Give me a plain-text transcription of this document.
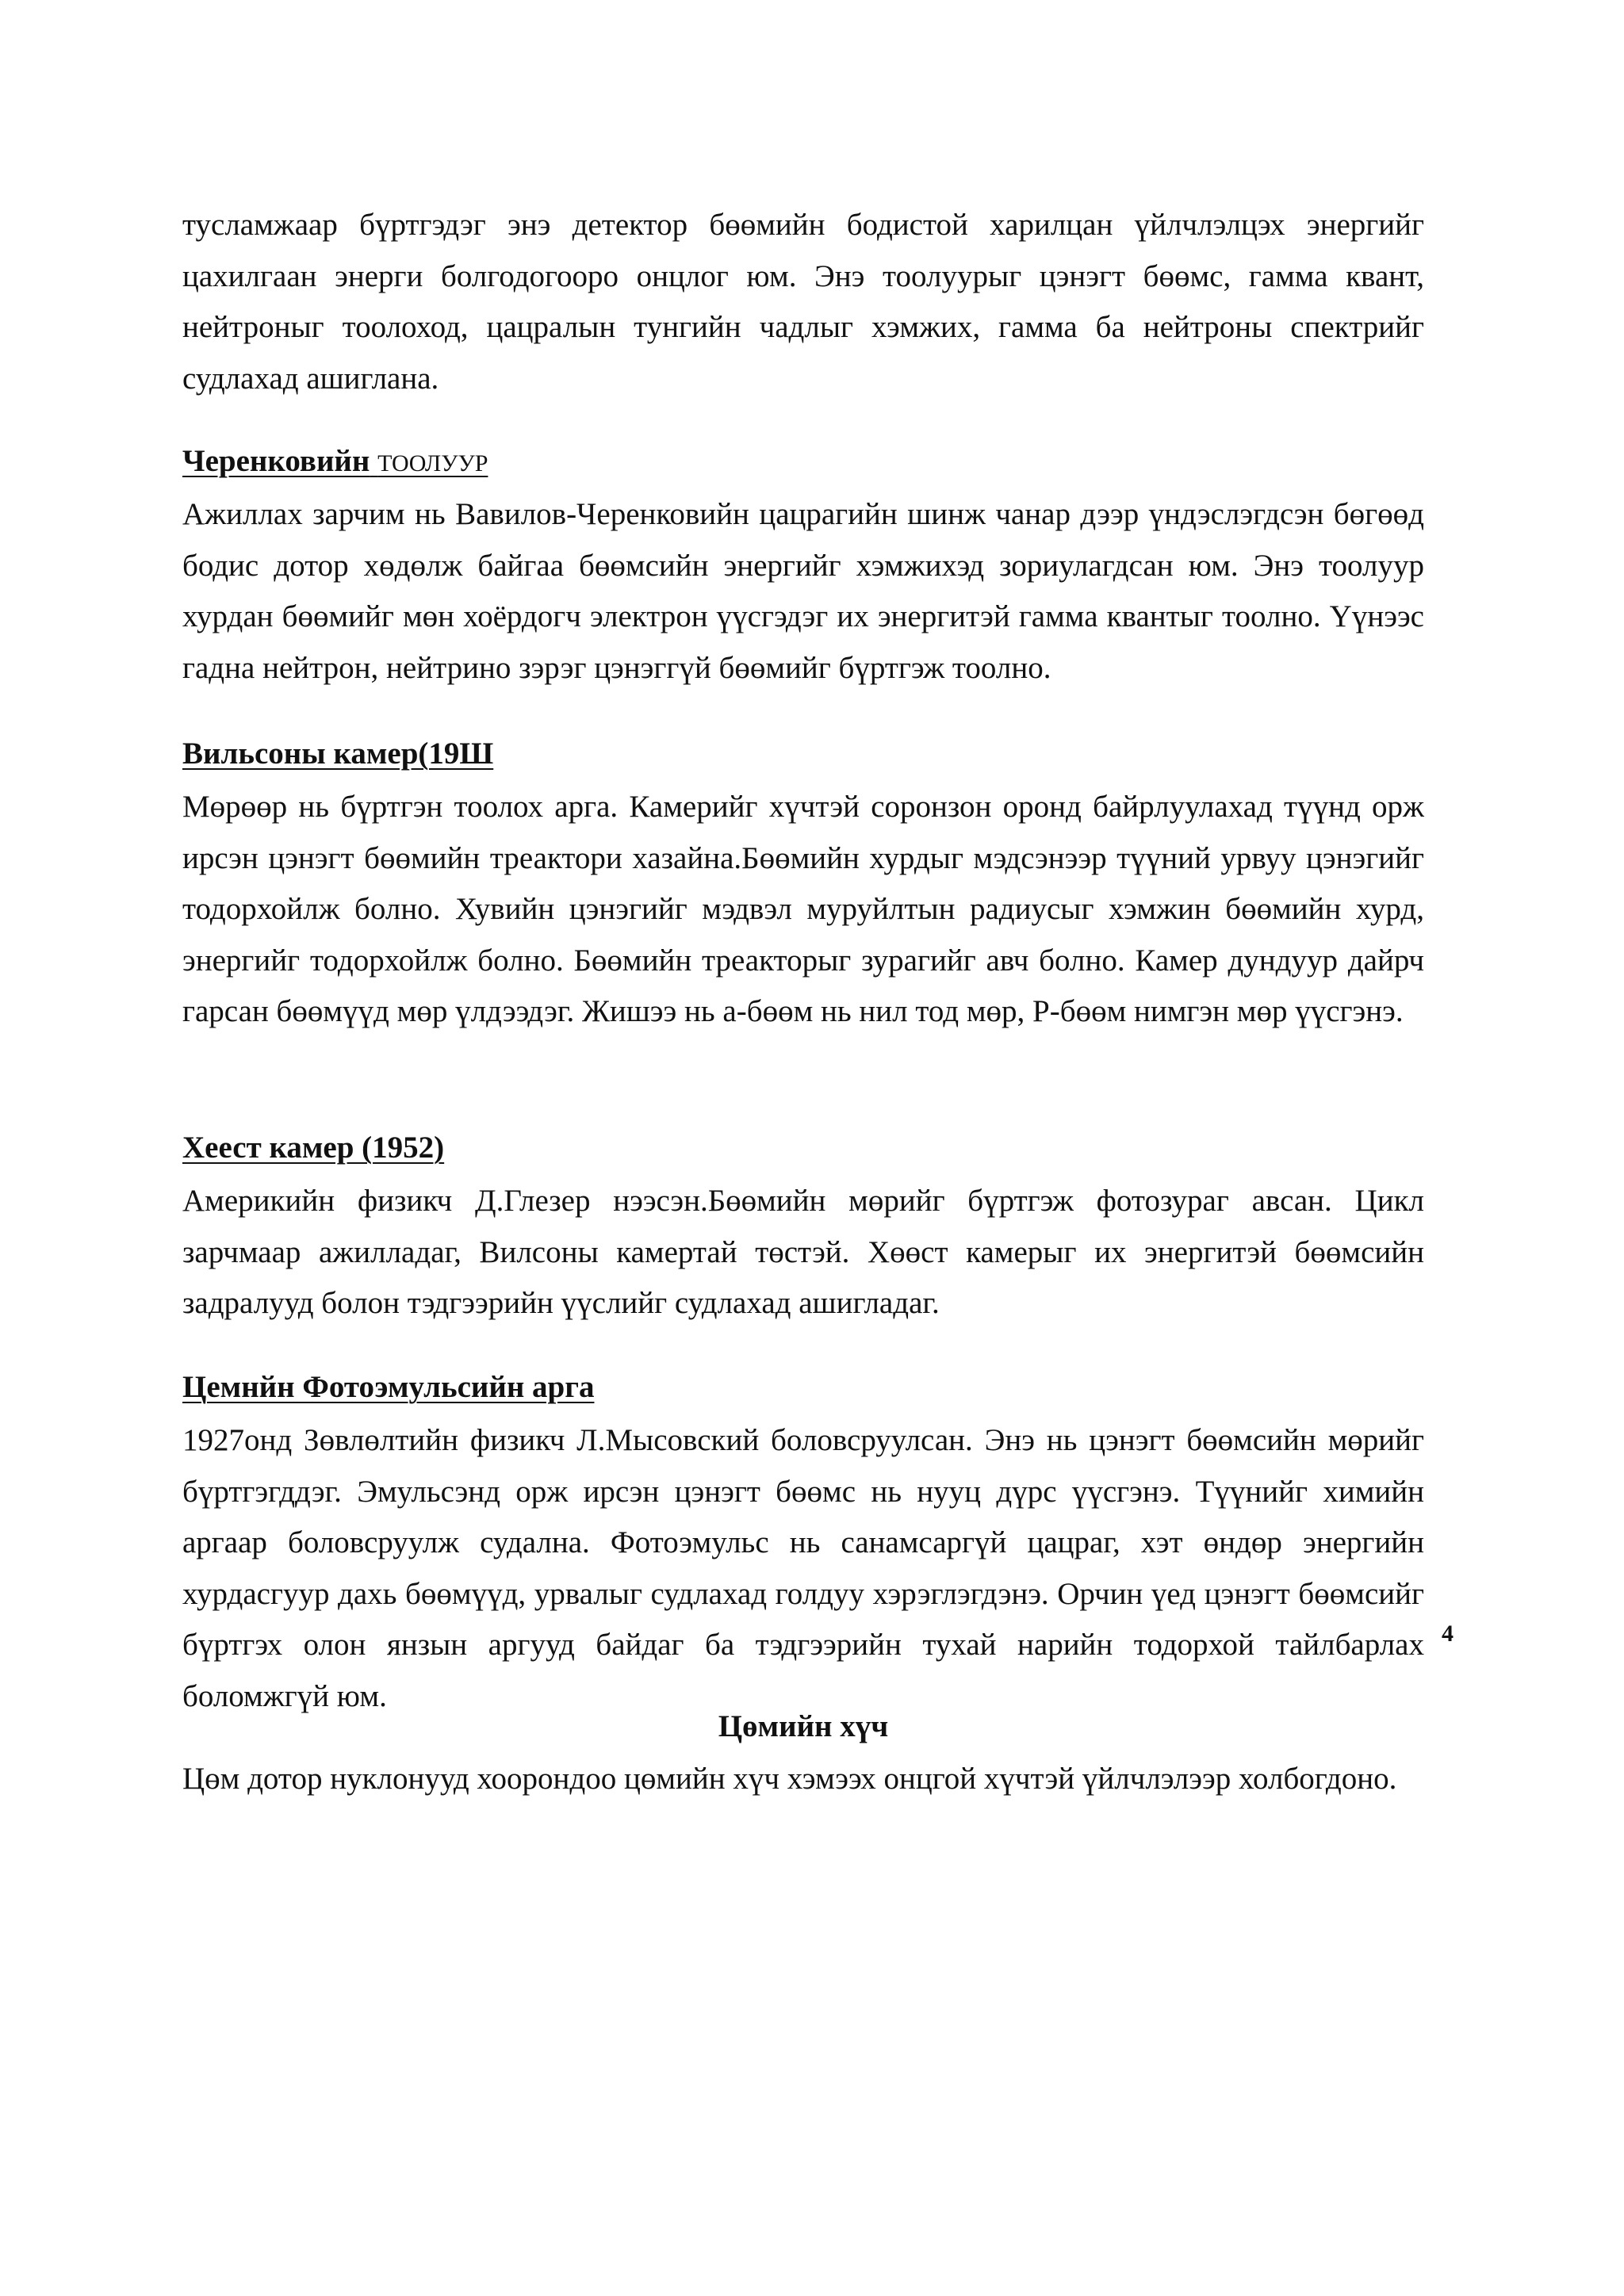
тусламжаар бүртгэдэг энэ детектор бөөмийн бодистой харилцан үйлчлэлцэх энергийг цахилгаан энерги болгодогооро онцлог юм. Энэ тоолуурыг цэнэгт бөөмс, гамма квант, нейтроныг тоолоход, цацралын тунгийн чадлыг хэмжих, гамма ба нейтроны спектрийг судлахад ашиглана.

Черенковийн ТООЛУУР

Ажиллах зарчим нь Вавилов-Черенковийн цацрагийн шинж чанар дээр үндэслэгдсэн бөгөөд бодис дотор хөдөлж байгаа бөөмсийн энергийг хэмжихэд зориулагдсан юм. Энэ тоолуур хурдан бөөмийг мөн хоёрдогч электрон үүсгэдэг их энергитэй гамма квантыг тоолно. Үүнээс гадна нейтрон, нейтрино зэрэг цэнэггүй бөөмийг бүртгэж тоолно.

Вильсоны камер(19Ш

Мөрөөр нь бүртгэн тоолох арга. Камерийг хүчтэй соронзон оронд байрлуулахад түүнд орж ирсэн цэнэгт бөөмийн треактори хазайна.Бөөмийн хурдыг мэдсэнээр түүний урвуу цэнэгийг тодорхойлж болно. Хувийн цэнэгийг мэдвэл муруйлтын радиусыг хэмжин бөөмийн хурд, энергийг тодорхойлж болно. Бөөмийн треакторыг зурагийг авч болно. Камер дундуур дайрч гарсан бөөмүүд мөр үлдээдэг. Жишээ нь а-бөөм нь нил тод мөр, Р-бөөм нимгэн мөр үүсгэнэ.

Хеест камер (1952)

Америкийн физикч Д.Глезер нээсэн.Бөөмийн мөрийг бүртгэж фотозураг авсан. Цикл зарчмаар ажилладаг, Вилсоны камертай төстэй. Хөөст камерыг их энергитэй бөөмсийн задралууд болон тэдгээрийн үүслийг судлахад ашигладаг.

Цемнйн Фотоэмульсийн арга

1927онд Зөвлөлтийн физикч Л.Мысовский боловсруулсан. Энэ нь цэнэгт бөөмсийн мөрийг бүртгэгддэг. Эмульсэнд орж ирсэн цэнэгт бөөмс нь нууц дүрс үүсгэнэ. Түүнийг химийн аргаар боловсруулж судална. Фотоэмульс нь санамсаргүй цацраг, хэт өндөр энергийн хурдасгуур дахь бөөмүүд, урвалыг судлахад голдуу хэрэглэгдэнэ. Орчин үед цэнэгт бөөмсийг бүртгэх олон янзын аргууд байдаг ба тэдгээрийн тухай нарийн тодорхой тайлбарлах боломжгүй юм.

Цөмийн хүч

Цөм дотор нуклонууд хоорондоо цөмийн хүч хэмээх онцгой хүчтэй үйлчлэлээр холбогдоно.

4
